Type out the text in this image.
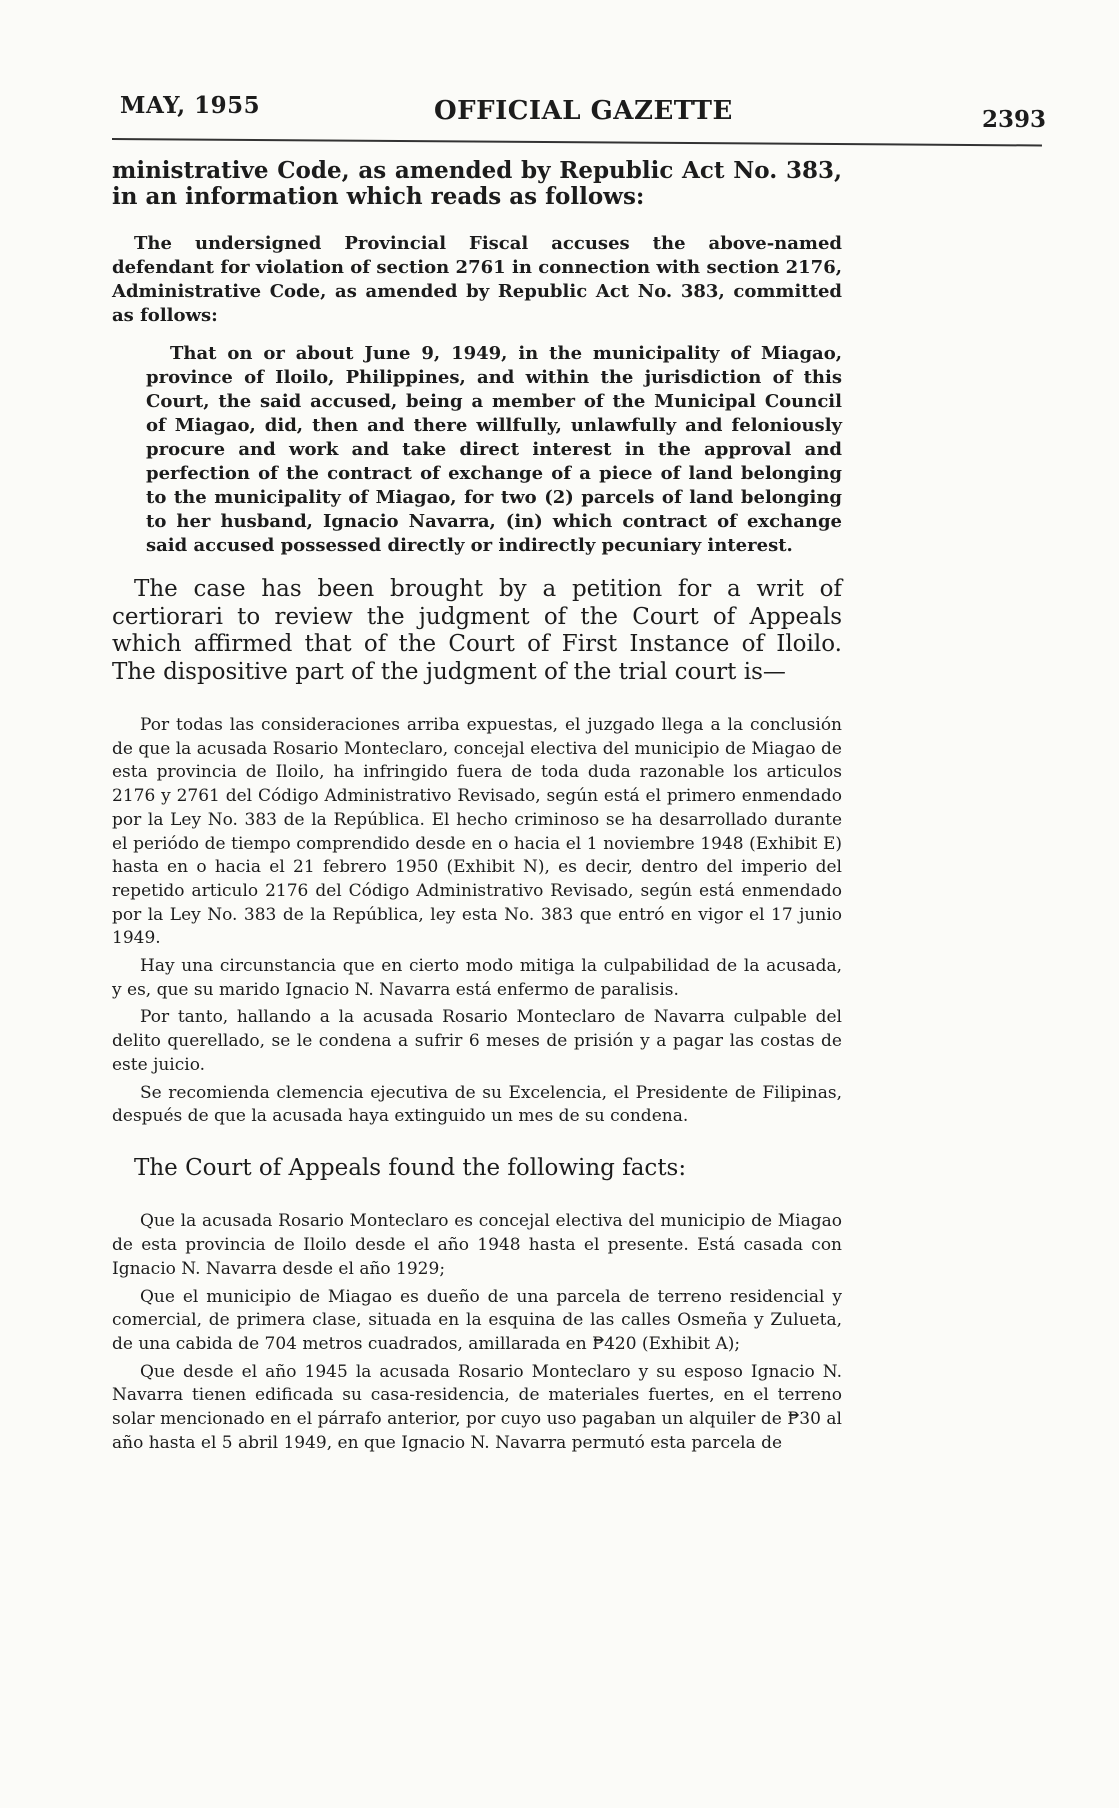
MAY, 1955	OFFICIAL GAZETTE	2393

ministrative Code, as amended by Republic Act No. 383, in an information which reads as follows:

The undersigned Provincial Fiscal accuses the above-named defendant for violation of section 2761 in connection with section 2176, Administrative Code, as amended by Republic Act No. 383, committed as follows:

That on or about June 9, 1949, in the municipality of Miagao, province of Iloilo, Philippines, and within the jurisdiction of this Court, the said accused, being a member of the Municipal Council of Miagao, did, then and there willfully, unlawfully and feloniously procure and work and take direct interest in the approval and perfection of the contract of exchange of a piece of land belonging to the municipality of Miagao, for two (2) parcels of land belonging to her husband, Ignacio Navarra, (in) which contract of exchange said accused possessed directly or indirectly pecuniary interest.

The case has been brought by a petition for a writ of certiorari to review the judgment of the Court of Appeals which affirmed that of the Court of First Instance of Iloilo. The dispositive part of the judgment of the trial court is—

Por todas las consideraciones arriba expuestas, el juzgado llega a la conclusión de que la acusada Rosario Monteclaro, concejal electiva del municipio de Miagao de esta provincia de Iloilo, ha infringido fuera de toda duda razonable los articulos 2176 y 2761 del Código Administrativo Revisado, según está el primero enmendado por la Ley No. 383 de la República. El hecho criminoso se ha desarrollado durante el periódo de tiempo comprendido desde en o hacia el 1 noviembre 1948 (Exhibit E) hasta en o hacia el 21 febrero 1950 (Exhibit N), es decir, dentro del imperio del repetido articulo 2176 del Código Administrativo Revisado, según está enmendado por la Ley No. 383 de la República, ley esta No. 383 que entró en vigor el 17 junio 1949.

Hay una circunstancia que en cierto modo mitiga la culpabilidad de la acusada, y es, que su marido Ignacio N. Navarra está enfermo de paralisis.

Por tanto, hallando a la acusada Rosario Monteclaro de Navarra culpable del delito querellado, se le condena a sufrir 6 meses de prisión y a pagar las costas de este juicio.

Se recomienda clemencia ejecutiva de su Excelencia, el Presidente de Filipinas, después de que la acusada haya extinguido un mes de su condena.

The Court of Appeals found the following facts:

Que la acusada Rosario Monteclaro es concejal electiva del municipio de Miagao de esta provincia de Iloilo desde el año 1948 hasta el presente. Está casada con Ignacio N. Navarra desde el año 1929;

Que el municipio de Miagao es dueño de una parcela de terreno residencial y comercial, de primera clase, situada en la esquina de las calles Osmeña y Zulueta, de una cabida de 704 metros cuadrados, amillarada en ₱420 (Exhibit A);

Que desde el año 1945 la acusada Rosario Monteclaro y su esposo Ignacio N. Navarra tienen edificada su casa-residencia, de materiales fuertes, en el terreno solar mencionado en el párrafo anterior, por cuyo uso pagaban un alquiler de ₱30 al año hasta el 5 abril 1949, en que Ignacio N. Navarra permutó esta parcela de
